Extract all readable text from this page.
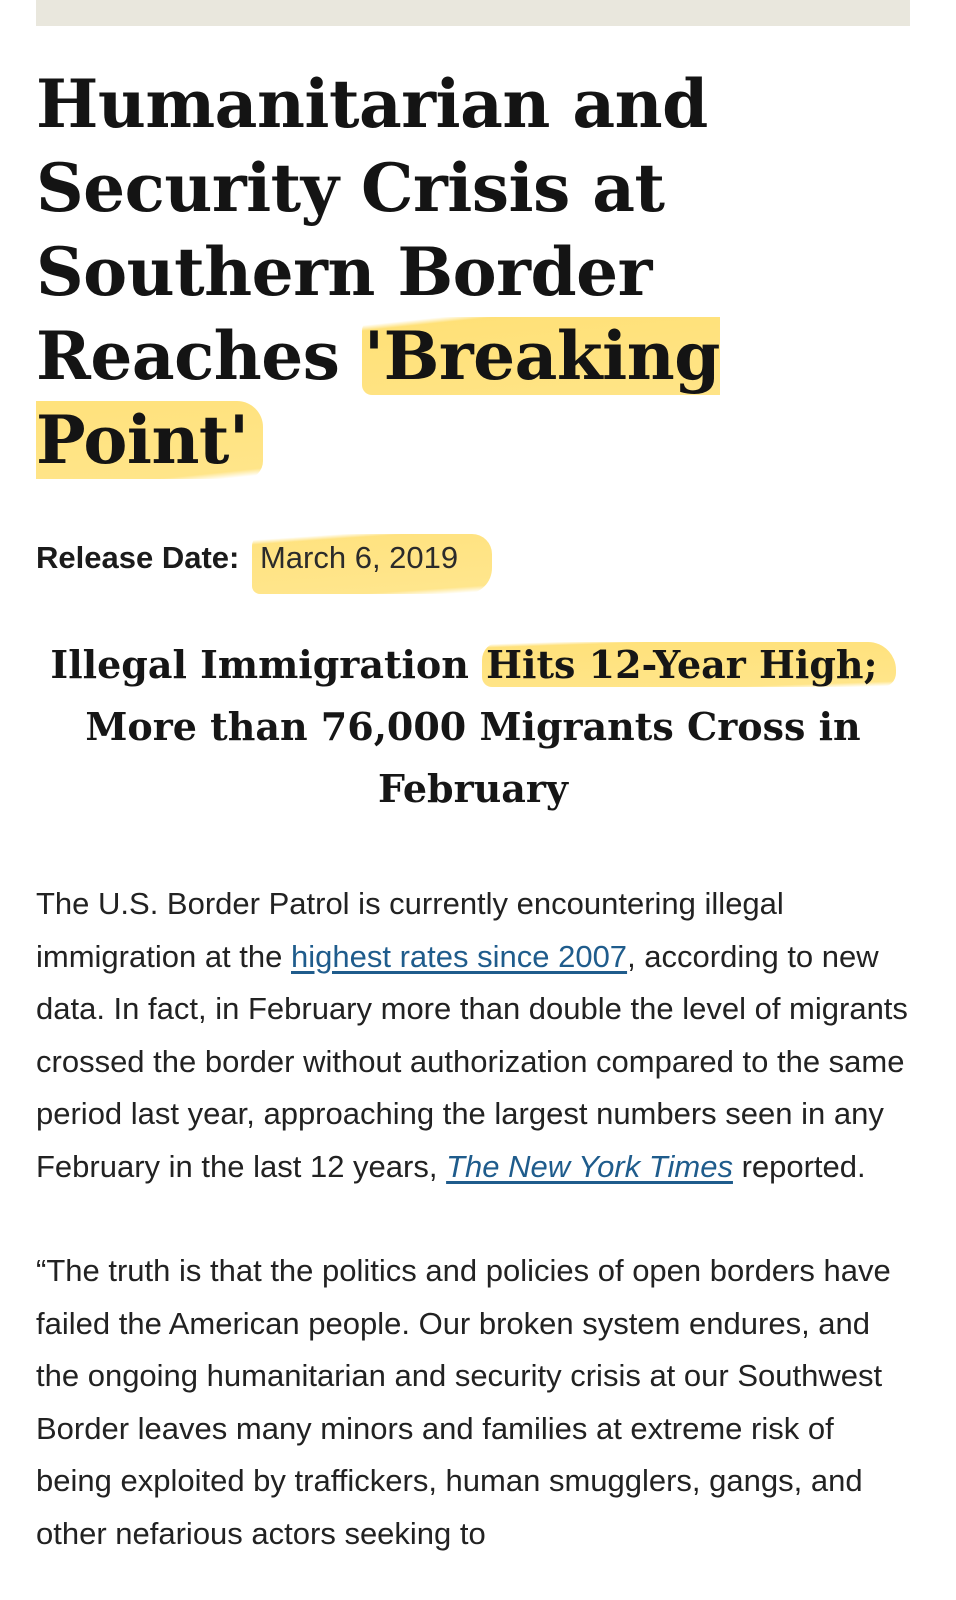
Humanitarian and Security Crisis at Southern Border Reaches 'Breaking Point'
Release Date: March 6, 2019
Illegal Immigration Hits 12-Year High; More than 76,000 Migrants Cross in February

The U.S. Border Patrol is currently encountering illegal immigration at the highest rates since 2007, according to new data. In fact, in February more than double the level of migrants crossed the border without authorization compared to the same period last year, approaching the largest numbers seen in any February in the last 12 years, The New York Times reported.

“The truth is that the politics and policies of open borders have failed the American people. Our broken system endures, and the ongoing humanitarian and security crisis at our Southwest Border leaves many minors and families at extreme risk of being exploited by traffickers, human smugglers, gangs, and other nefarious actors seeking to
